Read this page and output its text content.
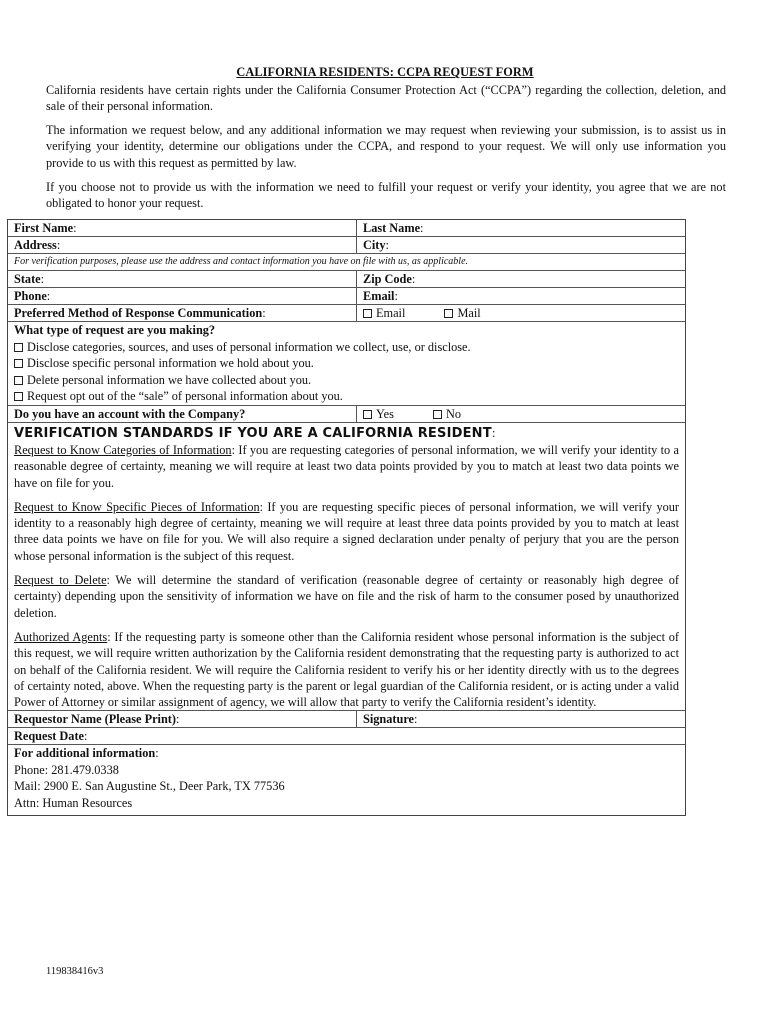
CALIFORNIA RESIDENTS: CCPA REQUEST FORM

California residents have certain rights under the California Consumer Protection Act (“CCPA”) regarding the collection, deletion, and sale of their personal information.

The information we request below, and any additional information we may request when reviewing your submission, is to assist us in verifying your identity, determine our obligations under the CCPA, and respond to your request. We will only use information you provide to us with this request as permitted by law.

If you choose not to provide us with the information we need to fulfill your request or verify your identity, you agree that we are not obligated to honor your request.

First Name:	Last Name:
Address:	City:
For verification purposes, please use the address and contact information you have on file with us, as applicable.
State:	Zip Code:
Phone:	Email:
Preferred Method of Response Communication:	Email	Mail
What type of request are you making?
Disclose categories, sources, and uses of personal information we collect, use, or disclose.
Disclose specific personal information we hold about you.
Delete personal information we have collected about you.
Request opt out of the “sale” of personal information about you.
Do you have an account with the Company?	Yes	No
VERIFICATION STANDARDS IF YOU ARE A CALIFORNIA RESIDENT:

Request to Know Categories of Information: If you are requesting categories of personal information, we will verify your identity to a reasonable degree of certainty, meaning we will require at least two data points provided by you to match at least two data points we have on file for you.

Request to Know Specific Pieces of Information: If you are requesting specific pieces of personal information, we will verify your identity to a reasonably high degree of certainty, meaning we will require at least three data points provided by you to match at least three data points we have on file for you. We will also require a signed declaration under penalty of perjury that you are the person whose personal information is the subject of this request.

Request to Delete: We will determine the standard of verification (reasonable degree of certainty or reasonably high degree of certainty) depending upon the sensitivity of information we have on file and the risk of harm to the consumer posed by unauthorized deletion.

Authorized Agents: If the requesting party is someone other than the California resident whose personal information is the subject of this request, we will require written authorization by the California resident demonstrating that the requesting party is authorized to act on behalf of the California resident. We will require the California resident to verify his or her identity directly with us to the degrees of certainty noted, above. When the requesting party is the parent or legal guardian of the California resident, or is acting under a valid Power of Attorney or similar assignment of agency, we will allow that party to verify the California resident’s identity.

Requestor Name (Please Print):	Signature:
Request Date:
For additional information:
Phone: 281.479.0338
Mail: 2900 E. San Augustine St., Deer Park, TX 77536
Attn: Human Resources
119838416v3
